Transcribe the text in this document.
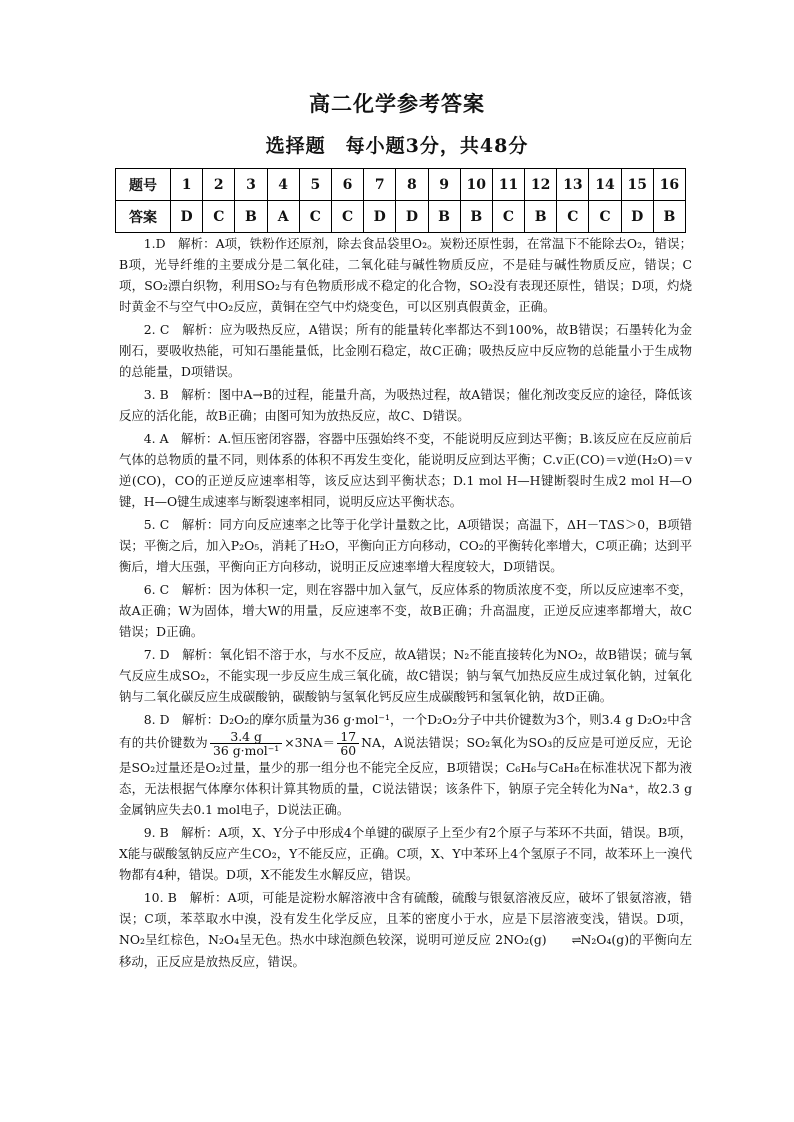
高二化学参考答案
选择题　每小题3分，共48分
题号	1	2	3	4	5	6	7	8	9	10	11	12	13	14	15	16
答案	D	C	B	A	C	C	D	D	B	B	C	B	C	C	D	B

1.D　解析：A项，铁粉作还原剂，除去食品袋里O₂。炭粉还原性弱，在常温下不能除去O₂，错误；B项，光导纤维的主要成分是二氧化硅，二氧化硅与碱性物质反应，不是硅与碱性物质反应，错误；C项，SO₂漂白织物，利用SO₂与有色物质形成不稳定的化合物，SO₂没有表现还原性，错误；D项，灼烧时黄金不与空气中O₂反应，黄铜在空气中灼烧变色，可以区别真假黄金，正确。

2. C　解析：应为吸热反应，A错误；所有的能量转化率都达不到100%，故B错误；石墨转化为金刚石，要吸收热能，可知石墨能量低，比金刚石稳定，故C正确；吸热反应中反应物的总能量小于生成物的总能量，D项错误。

3. B　解析：图中A→B的过程，能量升高，为吸热过程，故A错误；催化剂改变反应的途径，降低该反应的活化能，故B正确；由图可知为放热反应，故C、D错误。

4. A　解析：A.恒压密闭容器，容器中压强始终不变，不能说明反应到达平衡；B.该反应在反应前后气体的总物质的量不同，则体系的体积不再发生变化，能说明反应到达平衡；C.v正(CO)＝v逆(H₂O)＝v逆(CO)，CO的正逆反应速率相等，该反应达到平衡状态；D.1 mol H—H键断裂时生成2 mol H—O键，H—O键生成速率与断裂速率相同，说明反应达平衡状态。

5. C　解析：同方向反应速率之比等于化学计量数之比，A项错误；高温下，ΔH－TΔS＞0，B项错误；平衡之后，加入P₂O₅，消耗了H₂O，平衡向正方向移动，CO₂的平衡转化率增大，C项正确；达到平衡后，增大压强，平衡向正方向移动，说明正反应速率增大程度较大，D项错误。

6. C　解析：因为体积一定，则在容器中加入氩气，反应体系的物质浓度不变，所以反应速率不变，故A正确；W为固体，增大W的用量，反应速率不变，故B正确；升高温度，正逆反应速率都增大，故C错误；D正确。

7. D　解析：氧化铝不溶于水，与水不反应，故A错误；N₂不能直接转化为NO₂，故B错误；硫与氧气反应生成SO₂，不能实现一步反应生成三氧化硫，故C错误；钠与氧气加热反应生成过氧化钠，过氧化钠与二氧化碳反应生成碳酸钠，碳酸钠与氢氧化钙反应生成碳酸钙和氢氧化钠，故D正确。

8. D　解析：D₂O₂的摩尔质量为36 g·mol⁻¹，一个D₂O₂分子中共价键数为3个，则3.4 g D₂O₂中含有的共价键数为 $\frac{3.4 g}{\text{36 g·mol⁻¹}} \times 3NA= \frac{17}{60}$ NA，A说法错误；SO₂氧化为SO₃的反应是可逆反应，无论是SO₂过量还是O₂过量，量少的那一组分也不能完全反应，B项错误；C₆H₆与C₈H₈在标准状况下都为液态，无法根据气体摩尔体积计算其物质的量，C说法错误；该条件下，钠原子完全转化为Na⁺，故2.3 g金属钠应失去0.1 mol电子，D说法正确。

9. B　解析：A项，X、Y分子中形成4个单键的碳原子上至少有2个原子与苯环不共面，错误。B项，X能与碳酸氢钠反应产生CO₂，Y不能反应，正确。C项，X、Y中苯环上4个氢原子不同，故苯环上一溴代物都有4种，错误。D项，X不能发生水解反应，错误。

10. B　解析：A项，可能是淀粉水解溶液中含有硫酸，硫酸与银氨溶液反应，破坏了银氨溶液，错误；C项，苯萃取水中溴，没有发生化学反应，且苯的密度小于水，应是下层溶液变浅，错误。D项，NO₂呈红棕色，N₂O₄呈无色。热水中球泡颜色较深，说明可逆反应 2NO₂(g) ⇌N₂O₄(g)的平衡向左移动，正反应是放热反应，错误。
